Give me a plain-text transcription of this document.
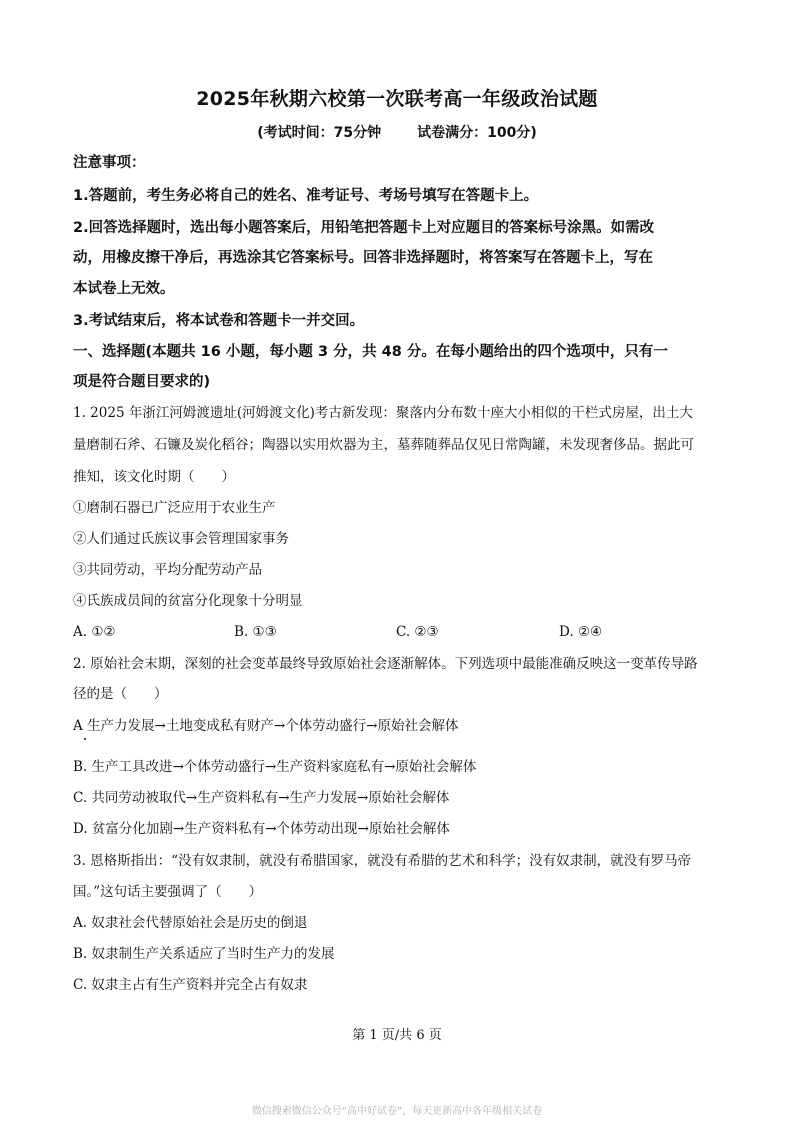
2025年秋期六校第一次联考高一年级政治试题
(考试时间：75分钟	试卷满分：100分)
注意事项：
1.答题前，考生务必将自己的姓名、准考证号、考场号填写在答题卡上。
2.回答选择题时，选出每小题答案后，用铅笔把答题卡上对应题目的答案标号涂黑。如需改
动，用橡皮擦干净后，再选涂其它答案标号。回答非选择题时，将答案写在答题卡上，写在
本试卷上无效。
3.考试结束后，将本试卷和答题卡一并交回。
一、选择题(本题共 16 小题，每小题 3 分，共 48 分。在每小题给出的四个选项中，只有一
项是符合题目要求的)
1. 2025 年浙江河姆渡遗址(河姆渡文化)考古新发现：聚落内分布数十座大小相似的干栏式房屋，出土大
量磨制石斧、石镰及炭化稻谷；陶器以实用炊器为主，墓葬随葬品仅见日常陶罐，未发现奢侈品。据此可
推知，该文化时期（　　）
①磨制石器已广泛应用于农业生产
②人们通过氏族议事会管理国家事务
③共同劳动，平均分配劳动产品
④氏族成员间的贫富分化现象十分明显
A. ①②	B. ①③	C. ②③	D. ②④
2. 原始社会末期，深刻的社会变革最终导致原始社会逐渐解体。下列选项中最能准确反映这一变革传导路
径的是（　　）
A 生产力发展→土地变成私有财产→个体劳动盛行→原始社会解体
B. 生产工具改进→个体劳动盛行→生产资料家庭私有→原始社会解体
C. 共同劳动被取代→生产资料私有→生产力发展→原始社会解体
D. 贫富分化加剧→生产资料私有→个体劳动出现→原始社会解体
3. 恩格斯指出：“没有奴隶制，就没有希腊国家，就没有希腊的艺术和科学；没有奴隶制，就没有罗马帝
国。”这句话主要强调了（　　）
A. 奴隶社会代替原始社会是历史的倒退
B. 奴隶制生产关系适应了当时生产力的发展
C. 奴隶主占有生产资料并完全占有奴隶
第 1 页/共 6 页
微信搜索微信公众号“高中好试卷”，每天更新高中各年级相关试卷
